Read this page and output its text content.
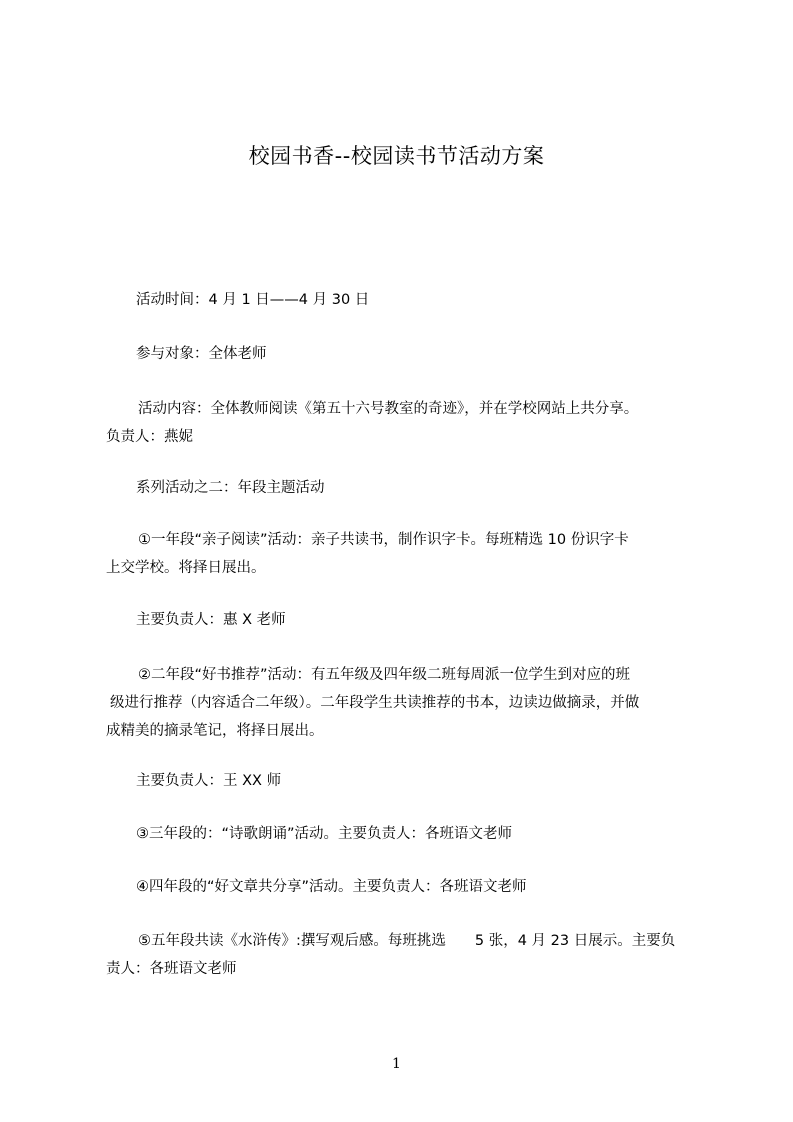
校园书香--校园读书节活动方案
活动时间：4 月 1 日——4 月 30 日
参与对象：全体老师
活动内容：全体教师阅读《第五十六号教室的奇迹》，并在学校网站上共分享。
负责人：燕妮
系列活动之二：年段主题活动
①一年段“亲子阅读”活动：亲子共读书，制作识字卡。每班精选 10 份识字卡
上交学校。将择日展出。
主要负责人：惠 X 老师
②二年段“好书推荐”活动：有五年级及四年级二班每周派一位学生到对应的班
级进行推荐（内容适合二年级）。二年段学生共读推荐的书本，边读边做摘录，并做
成精美的摘录笔记，将择日展出。
主要负责人：王 XX 师
③三年段的：“诗歌朗诵”活动。主要负责人：各班语文老师
④四年段的“好文章共分享”活动。主要负责人：各班语文老师
⑤五年段共读《水浒传》:撰写观后感。每班挑选　　5 张，4 月 23 日展示。主要负
责人：各班语文老师
1
